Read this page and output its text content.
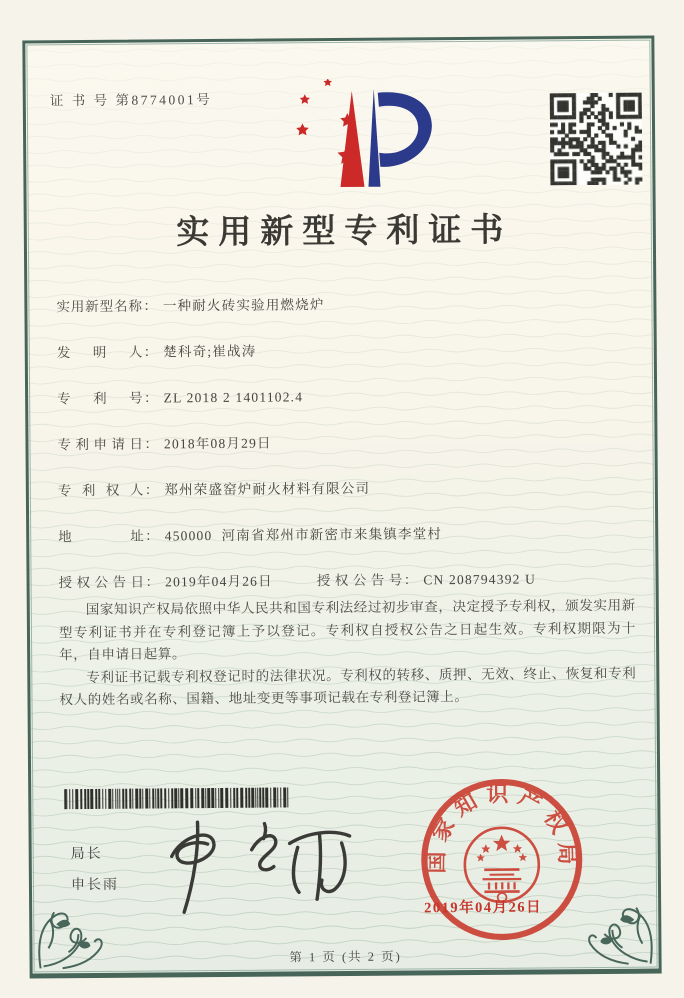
证 书 号 第8774001号
实用新型专利证书
实用新型名称 ： 一种耐火砖实验用燃烧炉
发明人 ： 楚科奇;崔战涛
专利号 ： ZL 2018 2 1401102.4
专利申请日 ： 2018年08月29日
专利权人 ： 郑州荣盛窑炉耐火材料有限公司
地址 ： 450000  河南省郑州市新密市来集镇李堂村
授权公告日 ： 2019年04月26日	授权公告号 ： CN 208794392 U

国家知识产权局依照中华人民共和国专利法经过初步审查，决定授予专利权，颁发实用新型专利证书并在专利登记簿上予以登记。专利权自授权公告之日起生效。专利权期限为十年，自申请日起算。

专利证书记载专利权登记时的法律状况。专利权的转移、质押、无效、终止、恢复和专利权人的姓名或名称、国籍、地址变更等事项记载在专利登记簿上。

局长
申长雨
国家知识产权局
2019年04月26日
第 1 页 (共 2 页)
